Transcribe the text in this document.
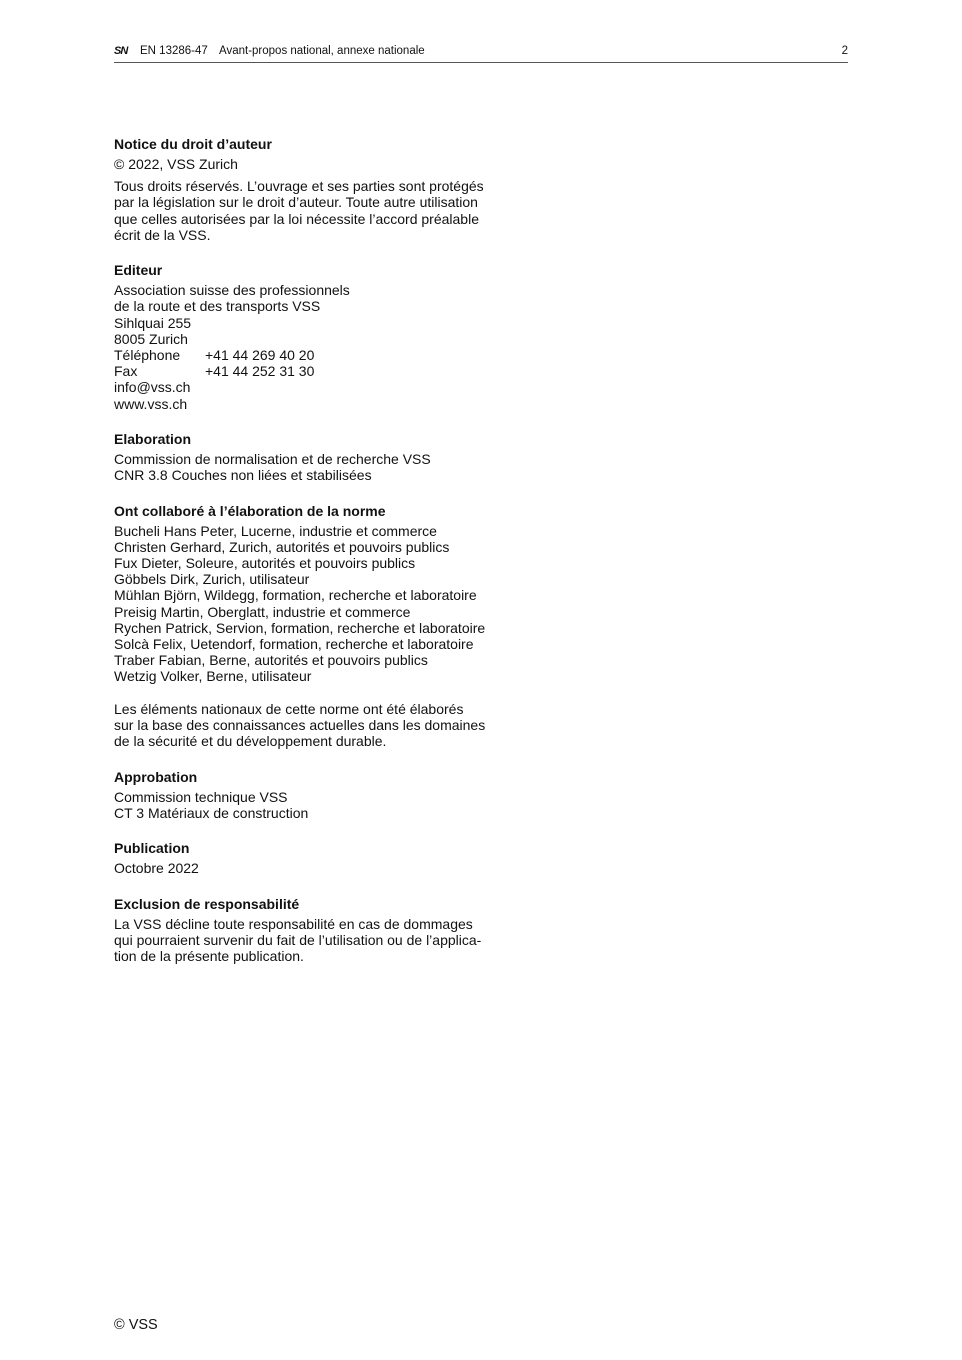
SN EN 13286-47 Avant-propos national, annexe nationale	2

Notice du droit d’auteur

© 2022, VSS Zurich

Tous droits réservés. L’ouvrage et ses parties sont protégés
par la législation sur le droit d’auteur. Toute autre utilisation
que celles autorisées par la loi nécessite l’accord préalable
écrit de la VSS.

Editeur

Association suisse des professionnels
de la route et des transports VSS
Sihlquai 255
8005 Zurich
Téléphone +41 44 269 40 20
Fax	+41 44 252 31 30
info@vss.ch
www.vss.ch

Elaboration

Commission de normalisation et de recherche VSS
CNR 3.8 Couches non liées et stabilisées

Ont collaboré à l’élaboration de la norme

Bucheli Hans Peter, Lucerne, industrie et commerce
Christen Gerhard, Zurich, autorités et pouvoirs publics
Fux Dieter, Soleure, autorités et pouvoirs publics
Göbbels Dirk, Zurich, utilisateur
Mühlan Björn, Wildegg, formation, recherche et laboratoire
Preisig Martin, Oberglatt, industrie et commerce
Rychen Patrick, Servion, formation, recherche et laboratoire
Solcà Felix, Uetendorf, formation, recherche et laboratoire
Traber Fabian, Berne, autorités et pouvoirs publics
Wetzig Volker, Berne, utilisateur

Les éléments nationaux de cette norme ont été élaborés
sur la base des connaissances actuelles dans les domaines
de la sécurité et du développement durable.

Approbation

Commission technique VSS
CT 3 Matériaux de construction

Publication

Octobre 2022

Exclusion de responsabilité

La VSS décline toute responsabilité en cas de dommages
qui pourraient survenir du fait de l’utilisation ou de l’applica-
tion de la présente publication.

© VSS
